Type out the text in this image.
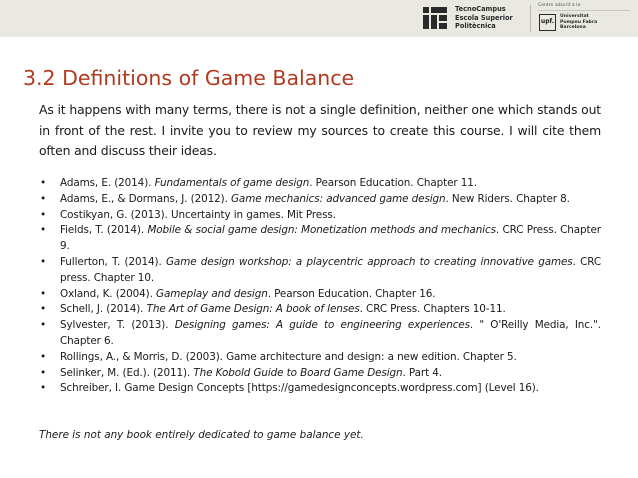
TecnoCampus
Escola Superior
Politècnica
Centre adscrit a la
upf.
Universitat
Pompeu Fabra
Barcelona
3.2 Definitions of Game Balance

As it happens with many terms, there is not a single definition, neither one which stands out in front of the rest. I invite you to review my sources to create this course. I will cite them often and discuss their ideas.

• Adams, E. (2014). Fundamentals of game design. Pearson Education. Chapter 11.
• Adams, E., & Dormans, J. (2012). Game mechanics: advanced game design. New Riders. Chapter 8.
• Costikyan, G. (2013). Uncertainty in games. Mit Press.
• Fields, T. (2014). Mobile & social game design: Monetization methods and mechanics. CRC Press. Chapter 9.
• Fullerton, T. (2014). Game design workshop: a playcentric approach to creating innovative games. CRC press. Chapter 10.
• Oxland, K. (2004). Gameplay and design. Pearson Education. Chapter 16.
• Schell, J. (2014). The Art of Game Design: A book of lenses. CRC Press. Chapters 10-11.
• Sylvester, T. (2013). Designing games: A guide to engineering experiences. " O'Reilly Media, Inc.". Chapter 6.
• Rollings, A., & Morris, D. (2003). Game architecture and design: a new edition. Chapter 5.
• Selinker, M. (Ed.). (2011). The Kobold Guide to Board Game Design. Part 4.
• Schreiber, I. Game Design Concepts [https://gamedesignconcepts.wordpress.com] (Level 16).

There is not any book entirely dedicated to game balance yet.
